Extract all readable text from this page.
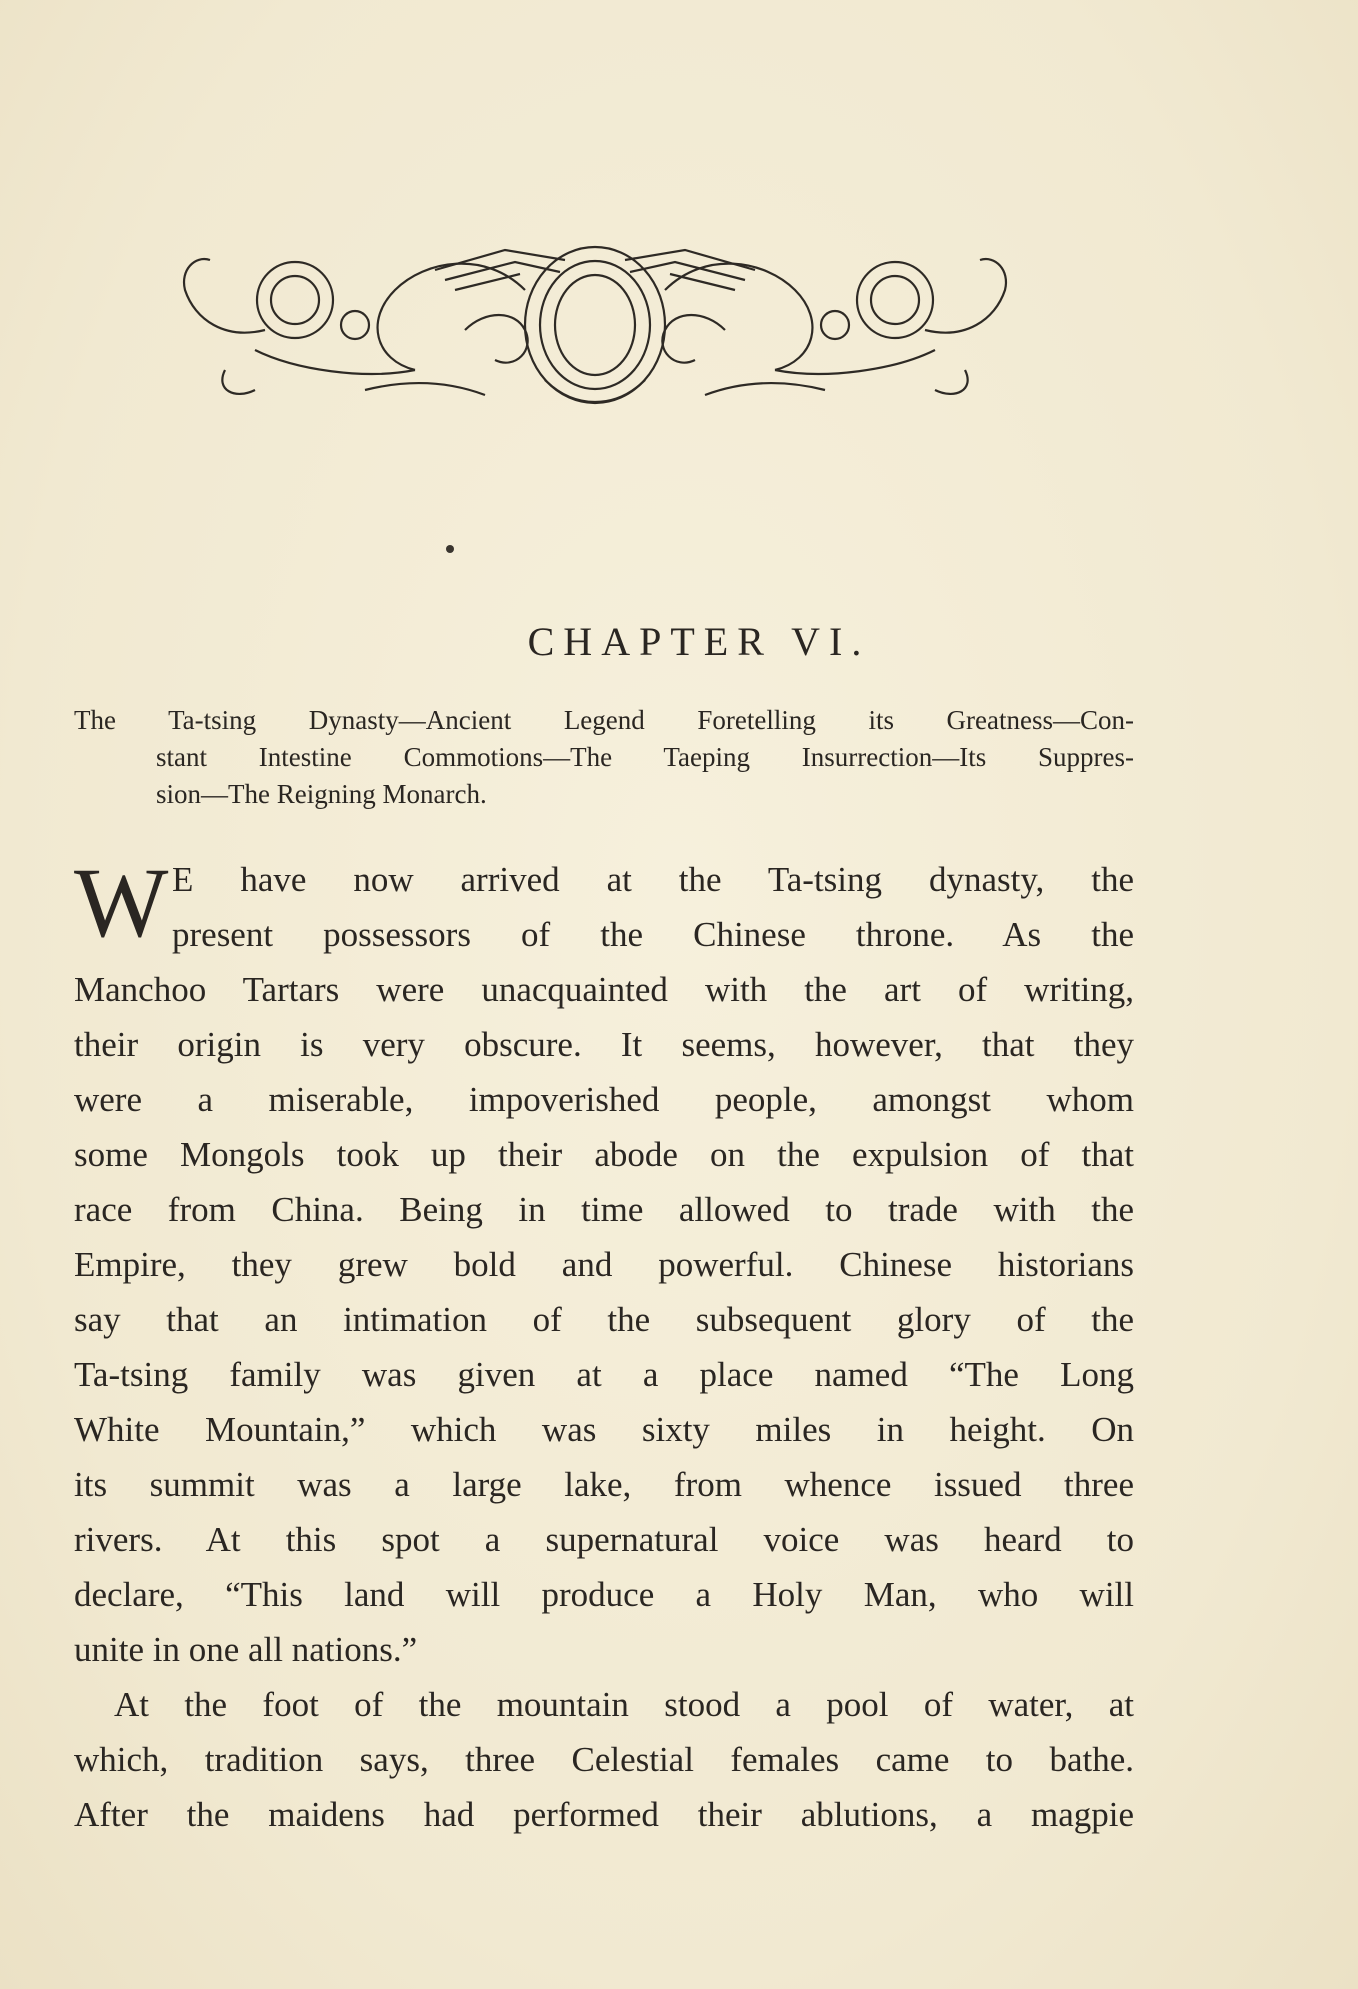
CHAPTER VI.
The Ta-tsing Dynasty—Ancient Legend Foretelling its Greatness—Con-
stant Intestine Commotions—The Taeping Insurrection—Its Suppres-
sion—The Reigning Monarch.
W E have now arrived at the Ta-tsing dynasty, the
present possessors of the Chinese throne. As the
Manchoo Tartars were unacquainted with the art of writing,
their origin is very obscure. It seems, however, that they
were a miserable, impoverished people, amongst whom
some Mongols took up their abode on the expulsion of that
race from China. Being in time allowed to trade with the
Empire, they grew bold and powerful. Chinese historians
say that an intimation of the subsequent glory of the
Ta-tsing family was given at a place named “The Long
White Mountain,” which was sixty miles in height. On
its summit was a large lake, from whence issued three
rivers. At this spot a supernatural voice was heard to
declare, “This land will produce a Holy Man, who will
unite in one all nations.”
At the foot of the mountain stood a pool of water, at
which, tradition says, three Celestial females came to bathe.
After the maidens had performed their ablutions, a magpie
